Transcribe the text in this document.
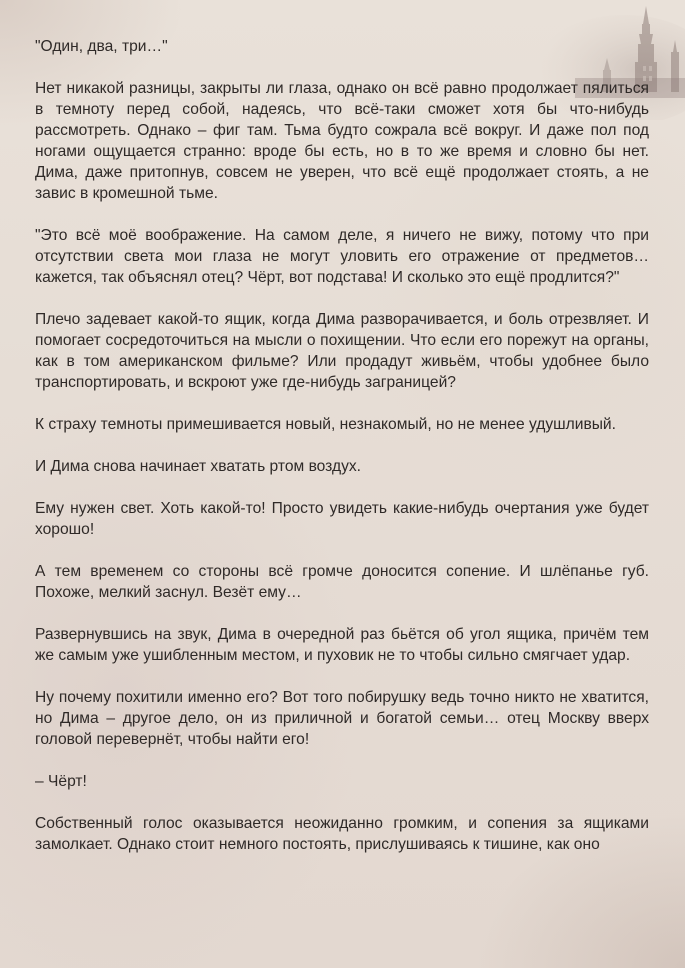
"Один, два, три…"

Нет никакой разницы, закрыты ли глаза, однако он всё равно продолжает пялиться в темноту перед собой, надеясь, что всё-таки сможет хотя бы что-нибудь рассмотреть. Однако – фиг там. Тьма будто сожрала всё вокруг. И даже пол под ногами ощущается странно: вроде бы есть, но в то же время и словно бы нет. Дима, даже притопнув, совсем не уверен, что всё ещё продолжает стоять, а не завис в кромешной тьме.

"Это всё моё воображение. На самом деле, я ничего не вижу, потому что при отсутствии света мои глаза не могут уловить его отражение от предметов… кажется, так объяснял отец? Чёрт, вот подстава! И сколько это ещё продлится?"

Плечо задевает какой-то ящик, когда Дима разворачивается, и боль отрезвляет. И помогает сосредоточиться на мысли о похищении. Что если его порежут на органы, как в том американском фильме? Или продадут живьём, чтобы удобнее было транспортировать, и вскроют уже где-нибудь заграницей?

К страху темноты примешивается новый, незнакомый, но не менее удушливый.

И Дима снова начинает хватать ртом воздух.

Ему нужен свет. Хоть какой-то! Просто увидеть какие-нибудь очертания уже будет хорошо!

А тем временем со стороны всё громче доносится сопение. И шлёпанье губ. Похоже, мелкий заснул. Везёт ему…

Развернувшись на звук, Дима в очередной раз бьётся об угол ящика, причём тем же самым уже ушибленным местом, и пуховик не то чтобы сильно смягчает удар.

Ну почему похитили именно его? Вот того побирушку ведь точно никто не хватится, но Дима – другое дело, он из приличной и богатой семьи… отец Москву вверх головой перевернёт, чтобы найти его!

– Чёрт!

Собственный голос оказывается неожиданно громким, и сопения за ящиками замолкает. Однако стоит немного постоять, прислушиваясь к тишине, как оно
